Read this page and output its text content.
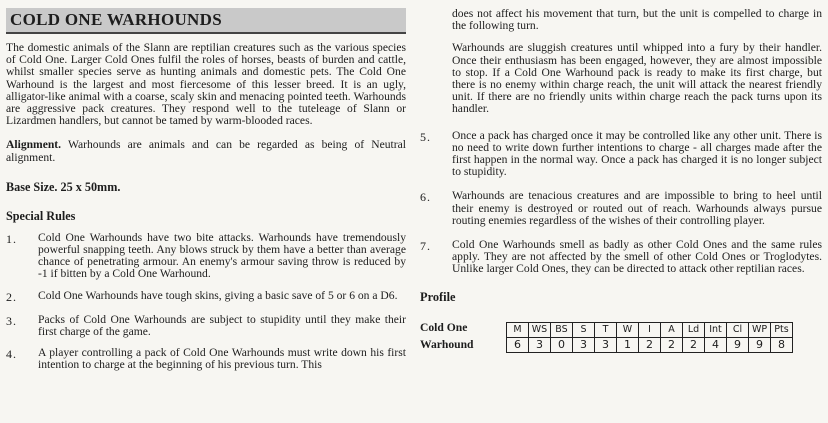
COLD ONE WARHOUNDS

The domestic animals of the Slann are reptilian creatures such as the various species of Cold One. Larger Cold Ones fulfil the roles of horses, beasts of burden and cattle, whilst smaller species serve as hunting animals and domestic pets. The Cold One Warhound is the largest and most fiercesome of this lesser breed. It is an ugly, alligator-like animal with a coarse, scaly skin and menacing pointed teeth. Warhounds are aggressive pack creatures. They respond well to the tuteleage of Slann or Lizardmen handlers, but cannot be tamed by warm-blooded races.

Alignment. Warhounds are animals and can be regarded as being of Neutral alignment.

Base Size. 25 x 50mm.
Special Rules
1.	Cold One Warhounds have two bite attacks. Warhounds have tremendously powerful snapping teeth. Any blows struck by them have a better than average chance of penetrating armour. An enemy's armour saving throw is reduced by -1 if bitten by a Cold One Warhound.

2.	Cold One Warhounds have tough skins, giving a basic save of 5 or 6 on a D6.

3.	Packs of Cold One Warhounds are subject to stupidity until they make their first charge of the game.

4.	A player controlling a pack of Cold One Warhounds must write down his first intention to charge at the beginning of his previous turn. This

does not affect his movement that turn, but the unit is compelled to charge in the following turn.

Warhounds are sluggish creatures until whipped into a fury by their handler. Once their enthusiasm has been engaged, however, they are almost impossible to stop. If a Cold One Warhound pack is ready to make its first charge, but there is no enemy within charge reach, the unit will attack the nearest friendly unit. If there are no friendly units within charge reach the pack turns upon its handler.

5.	Once a pack has charged once it may be controlled like any other unit. There is no need to write down further intentions to charge - all charges made after the first happen in the normal way. Once a pack has charged it is no longer subject to stupidity.

6.	Warhounds are tenacious creatures and are impossible to bring to heel until their enemy is destroyed or routed out of reach. Warhounds always pursue routing enemies regardless of the wishes of their controlling player.

7.	Cold One Warhounds smell as badly as other Cold Ones and the same rules apply. They are not affected by the smell of other Cold Ones or Troglodytes. Unlike larger Cold Ones, they can be directed to attack other reptilian races.

Profile
Cold One
Warhound
M	WS	BS	S	T	W	I	A	Ld	Int	Cl	WP	Pts
6	3	0	3	3	1	2	2	2	4	9	9	8
